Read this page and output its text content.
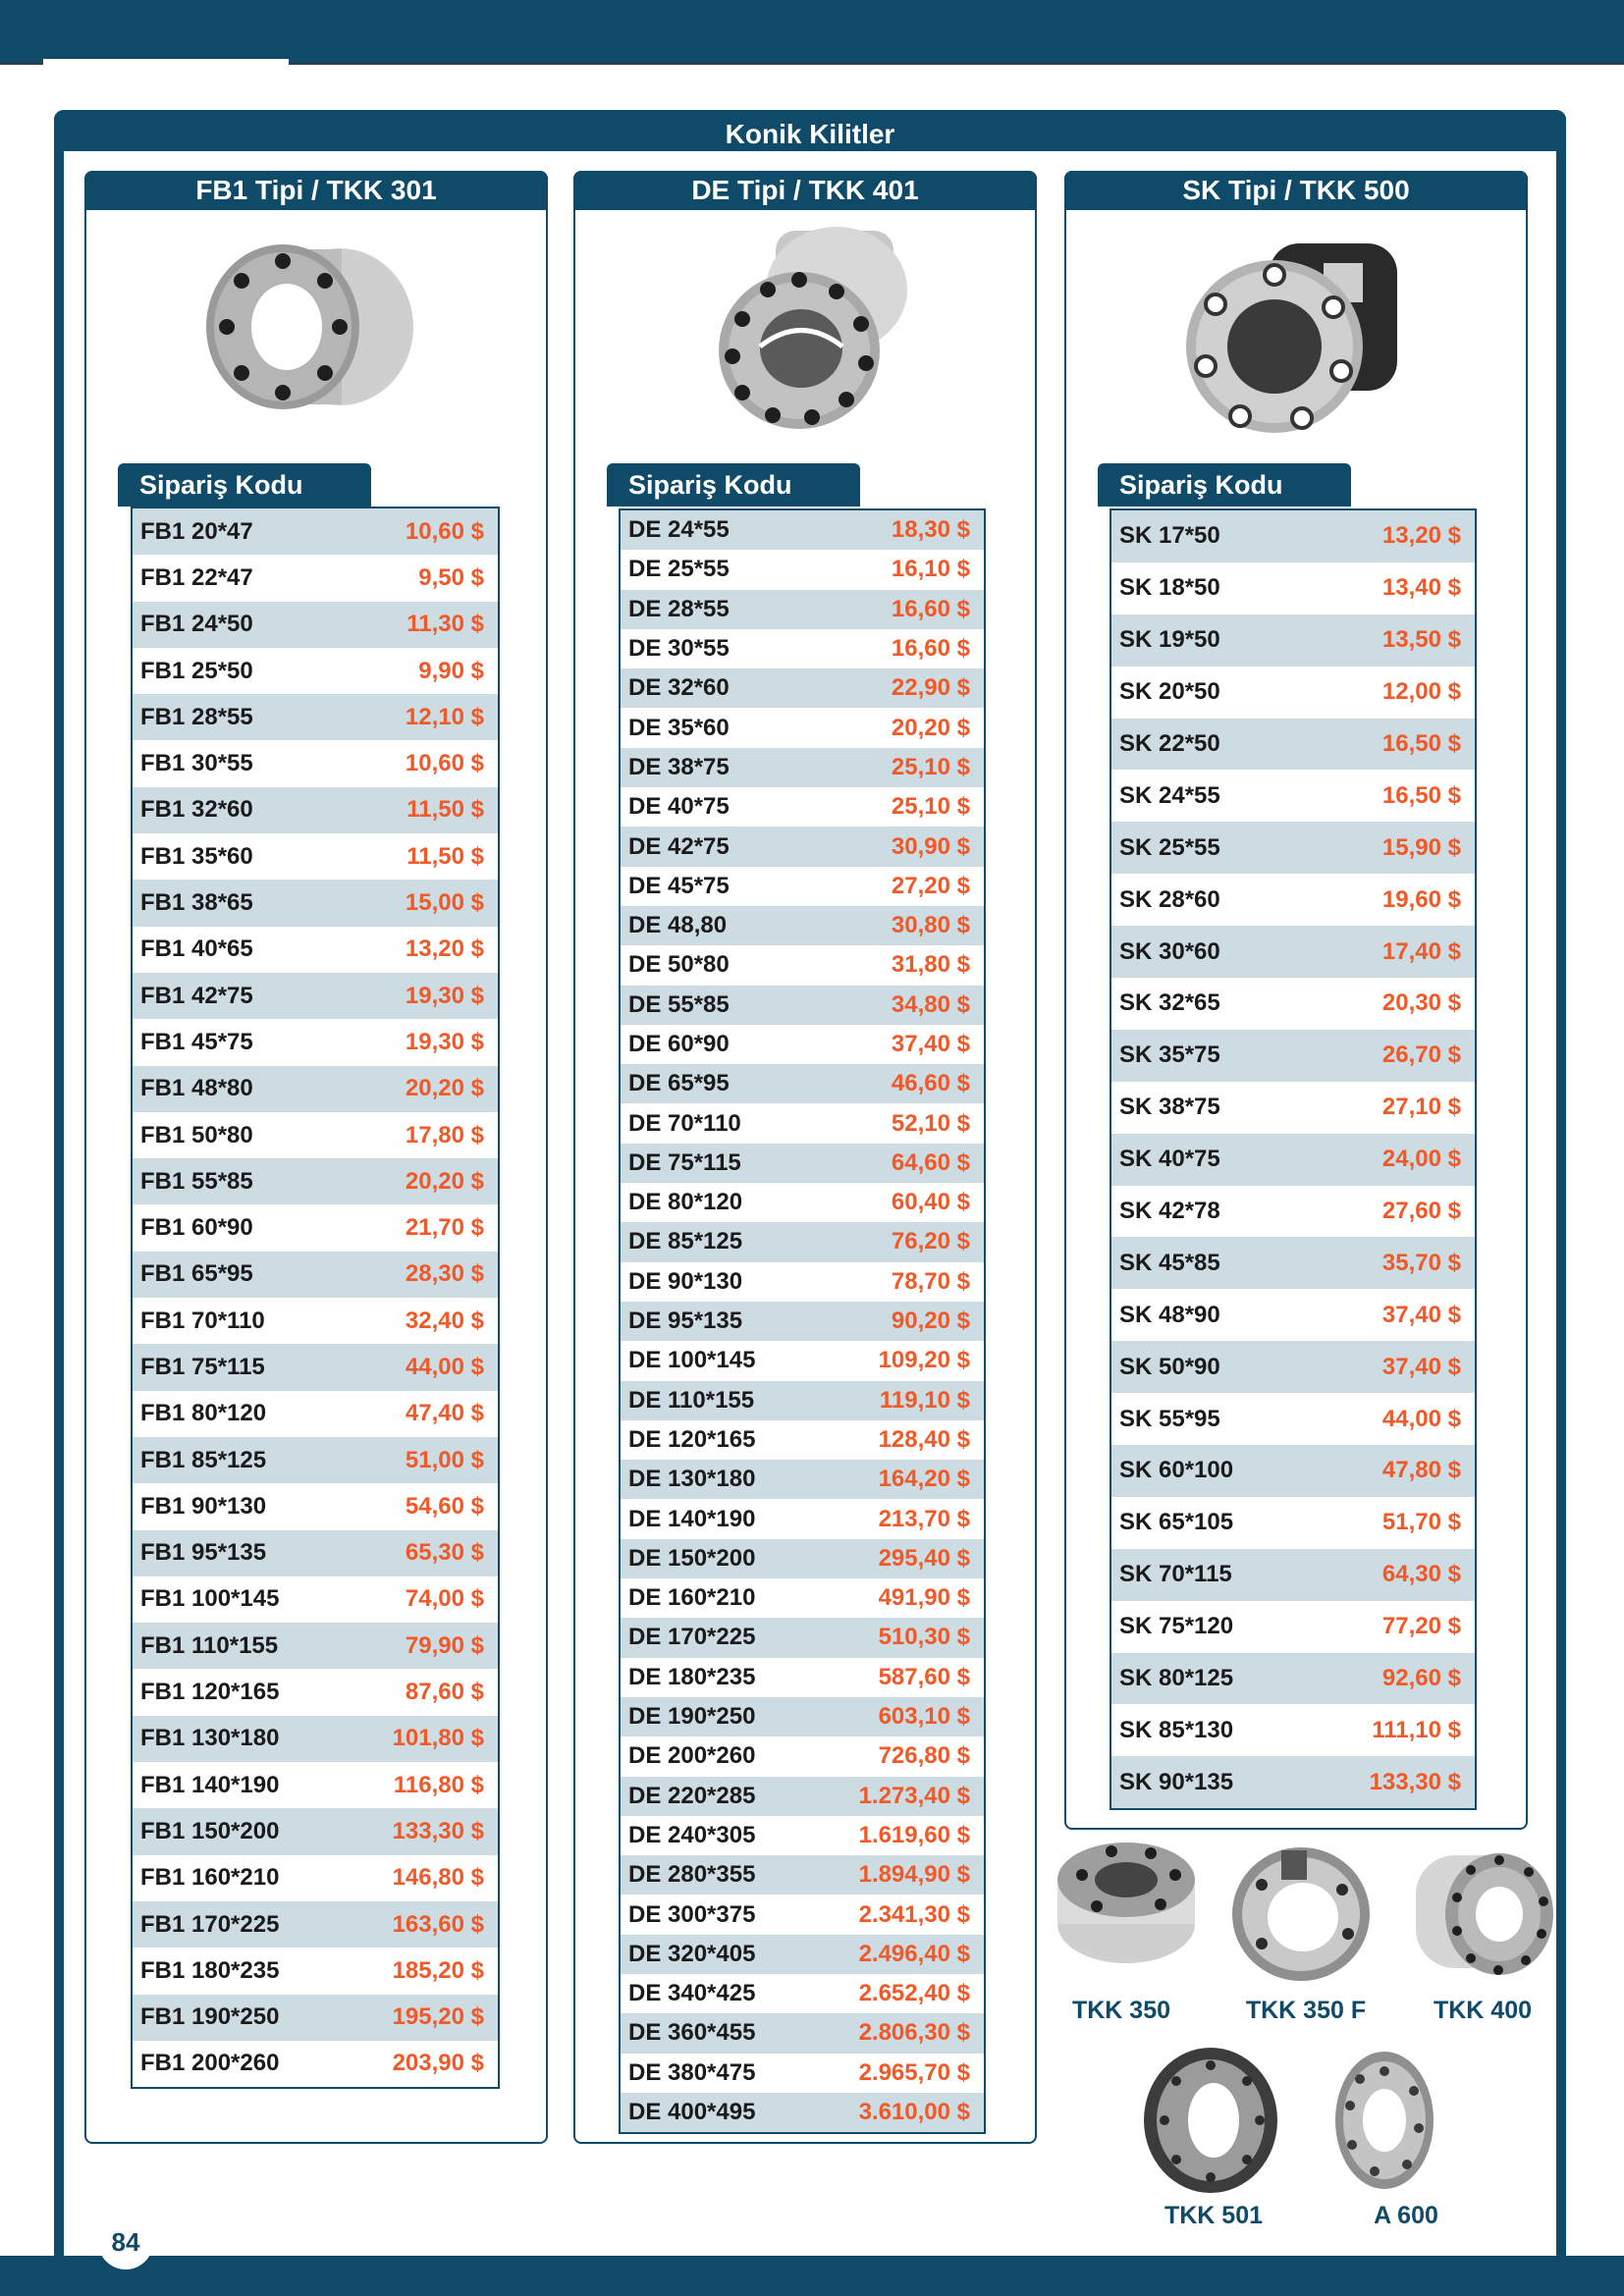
Konik Kilitler
FB1 Tipi / TKK 301
Sipariş Kodu
FB1 20*47	10,60 $
FB1 22*47	9,50 $
FB1 24*50	11,30 $
FB1 25*50	9,90 $
FB1 28*55	12,10 $
FB1 30*55	10,60 $
FB1 32*60	11,50 $
FB1 35*60	11,50 $
FB1 38*65	15,00 $
FB1 40*65	13,20 $
FB1 42*75	19,30 $
FB1 45*75	19,30 $
FB1 48*80	20,20 $
FB1 50*80	17,80 $
FB1 55*85	20,20 $
FB1 60*90	21,70 $
FB1 65*95	28,30 $
FB1 70*110	32,40 $
FB1 75*115	44,00 $
FB1 80*120	47,40 $
FB1 85*125	51,00 $
FB1 90*130	54,60 $
FB1 95*135	65,30 $
FB1 100*145	74,00 $
FB1 110*155	79,90 $
FB1 120*165	87,60 $
FB1 130*180	101,80 $
FB1 140*190	116,80 $
FB1 150*200	133,30 $
FB1 160*210	146,80 $
FB1 170*225	163,60 $
FB1 180*235	185,20 $
FB1 190*250	195,20 $
FB1 200*260	203,90 $
DE Tipi / TKK 401
Sipariş Kodu
DE 24*55	18,30 $
DE 25*55	16,10 $
DE 28*55	16,60 $
DE 30*55	16,60 $
DE 32*60	22,90 $
DE 35*60	20,20 $
DE 38*75	25,10 $
DE 40*75	25,10 $
DE 42*75	30,90 $
DE 45*75	27,20 $
DE 48,80	30,80 $
DE 50*80	31,80 $
DE 55*85	34,80 $
DE 60*90	37,40 $
DE 65*95	46,60 $
DE 70*110	52,10 $
DE 75*115	64,60 $
DE 80*120	60,40 $
DE 85*125	76,20 $
DE 90*130	78,70 $
DE 95*135	90,20 $
DE 100*145	109,20 $
DE 110*155	119,10 $
DE 120*165	128,40 $
DE 130*180	164,20 $
DE 140*190	213,70 $
DE 150*200	295,40 $
DE 160*210	491,90 $
DE 170*225	510,30 $
DE 180*235	587,60 $
DE 190*250	603,10 $
DE 200*260	726,80 $
DE 220*285	1.273,40 $
DE 240*305	1.619,60 $
DE 280*355	1.894,90 $
DE 300*375	2.341,30 $
DE 320*405	2.496,40 $
DE 340*425	2.652,40 $
DE 360*455	2.806,30 $
DE 380*475	2.965,70 $
DE 400*495	3.610,00 $
SK Tipi / TKK 500
Sipariş Kodu
SK 17*50	13,20 $
SK 18*50	13,40 $
SK 19*50	13,50 $
SK 20*50	12,00 $
SK 22*50	16,50 $
SK 24*55	16,50 $
SK 25*55	15,90 $
SK 28*60	19,60 $
SK 30*60	17,40 $
SK 32*65	20,30 $
SK 35*75	26,70 $
SK 38*75	27,10 $
SK 40*75	24,00 $
SK 42*78	27,60 $
SK 45*85	35,70 $
SK 48*90	37,40 $
SK 50*90	37,40 $
SK 55*95	44,00 $
SK 60*100	47,80 $
SK 65*105	51,70 $
SK 70*115	64,30 $
SK 75*120	77,20 $
SK 80*125	92,60 $
SK 85*130	111,10 $
SK 90*135	133,30 $
TKK 350	TKK 350 F	TKK 400
TKK 501	A 600
84
